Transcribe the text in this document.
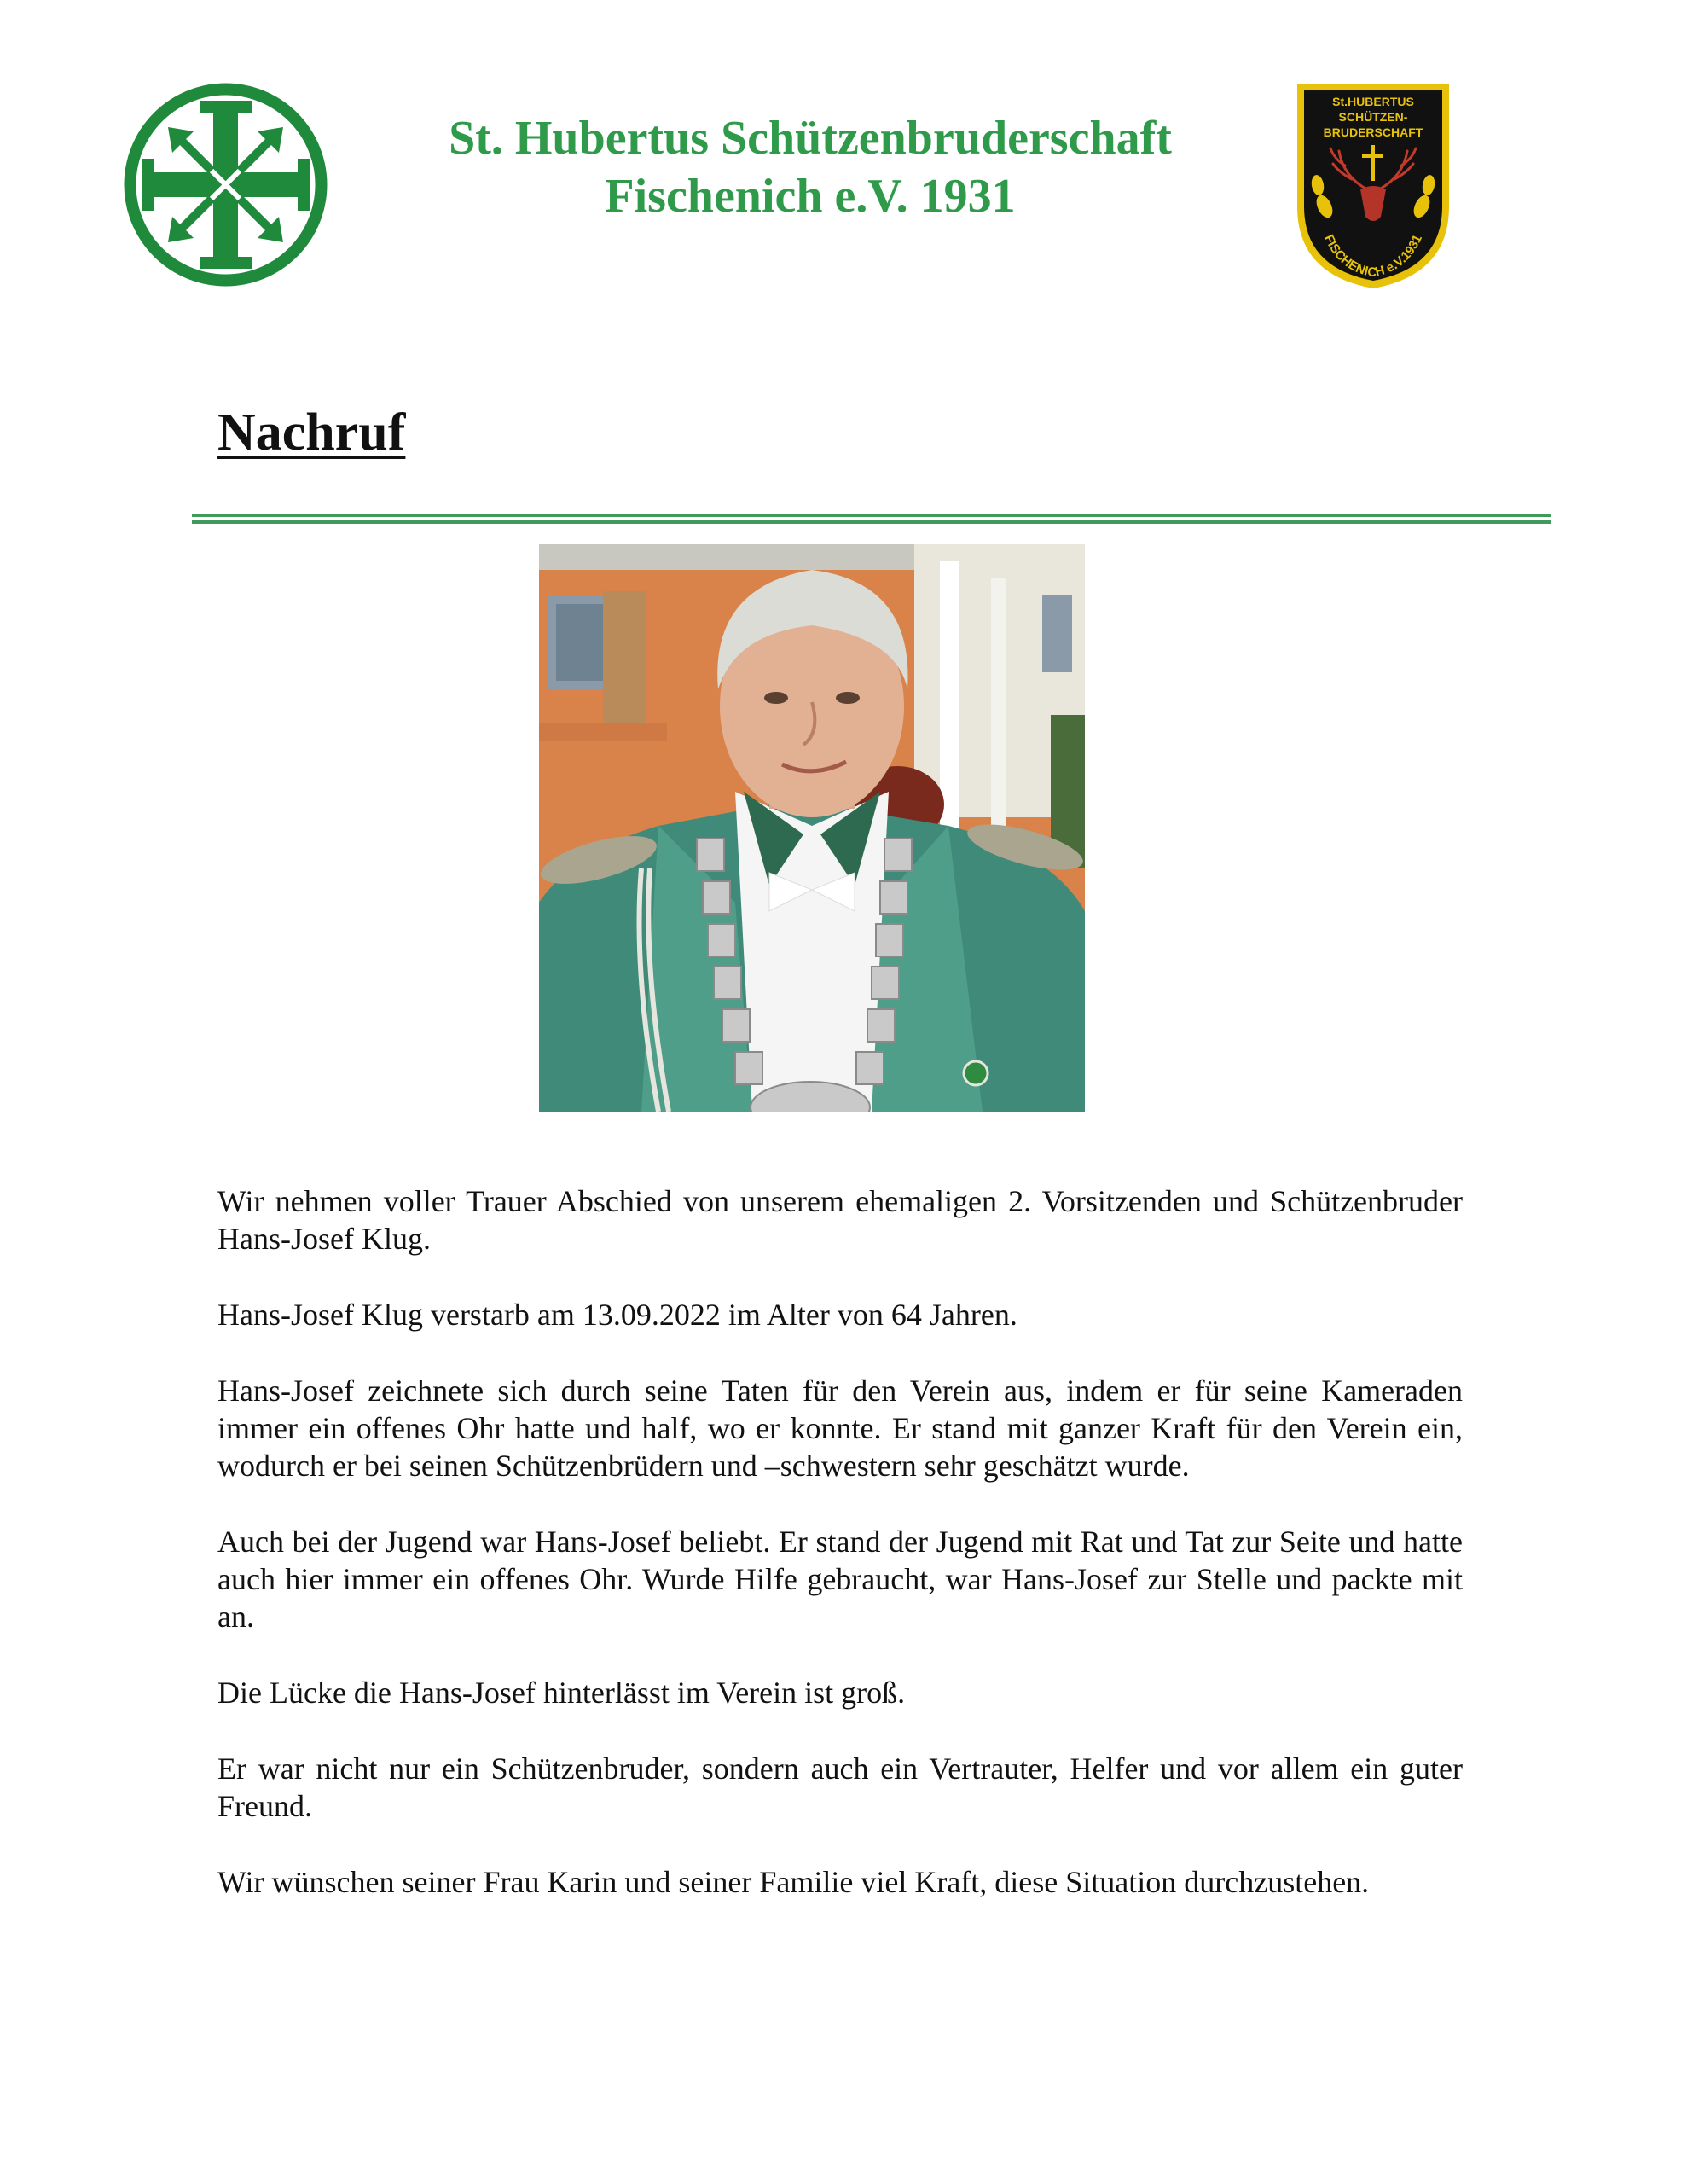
St. Hubertus Schützenbruderschaft
Fischenich e.V. 1931
St.HUBERTUS
SCHÜTZEN-
BRUDERSCHAFT
FISCHENICH e.V.1931
Nachruf

Wir nehmen voller Trauer Abschied von unserem ehemaligen 2. Vorsitzenden und Schützenbruder Hans-Josef Klug.

Hans-Josef Klug verstarb am 13.09.2022 im Alter von 64 Jahren.

Hans-Josef zeichnete sich durch seine Taten für den Verein aus, indem er für seine Kameraden immer ein offenes Ohr hatte und half, wo er konnte. Er stand mit ganzer Kraft für den Verein ein, wodurch er bei seinen Schützenbrüdern und –schwestern sehr geschätzt wurde.

Auch bei der Jugend war Hans-Josef beliebt. Er stand der Jugend mit Rat und Tat zur Seite und hatte auch hier immer ein offenes Ohr. Wurde Hilfe gebraucht, war Hans-Josef zur Stelle und packte mit an.

Die Lücke die Hans-Josef hinterlässt im Verein ist groß.

Er war nicht nur ein Schützenbruder, sondern auch ein Vertrauter, Helfer und vor allem ein guter Freund.

Wir wünschen seiner Frau Karin und seiner Familie viel Kraft, diese Situation durchzustehen.
